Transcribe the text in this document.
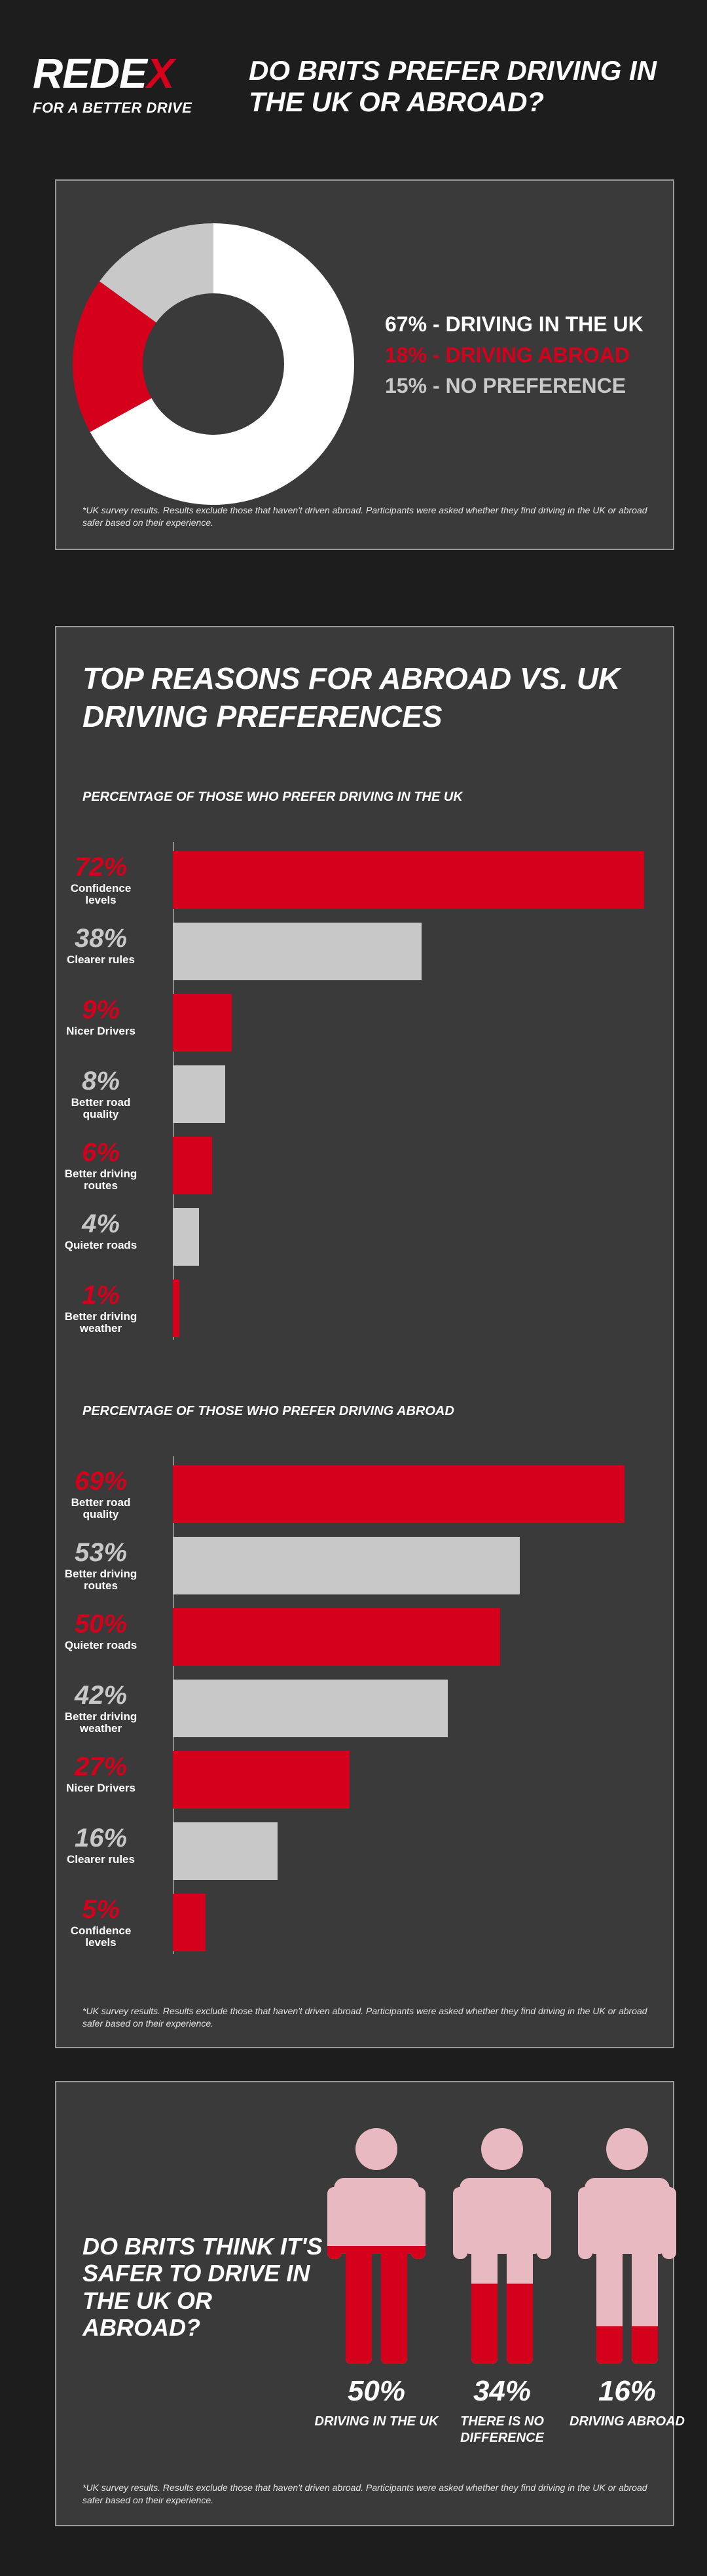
REDEX
FOR A BETTER DRIVE
DO BRITS PREFER DRIVING IN THE UK OR ABROAD?
67% - DRIVING IN THE UK
18% - DRIVING ABROAD
15% - NO PREFERENCE
*UK survey results. Results exclude those that haven't driven abroad. Participants were asked whether they find driving in the UK or abroad safer based on their experience.
TOP REASONS FOR ABROAD VS. UK DRIVING PREFERENCES
PERCENTAGE OF THOSE WHO PREFER DRIVING IN THE UK
72%
Confidence levels
38%
Clearer rules
9%
Nicer Drivers
8%
Better road quality
6%
Better driving routes
4%
Quieter roads
1%
Better driving weather
PERCENTAGE OF THOSE WHO PREFER DRIVING ABROAD
69%
Better road quality
53%
Better driving routes
50%
Quieter roads
42%
Better driving weather
27%
Nicer Drivers
16%
Clearer rules
5%
Confidence levels
*UK survey results. Results exclude those that haven't driven abroad. Participants were asked whether they find driving in the UK or abroad safer based on their experience.
DO BRITS THINK IT'S SAFER TO DRIVE IN THE UK OR ABROAD?
50%
DRIVING IN THE UK
34%
THERE IS NO DIFFERENCE
16%
DRIVING ABROAD
*UK survey results. Results exclude those that haven't driven abroad. Participants were asked whether they find driving in the UK or abroad safer based on their experience.
